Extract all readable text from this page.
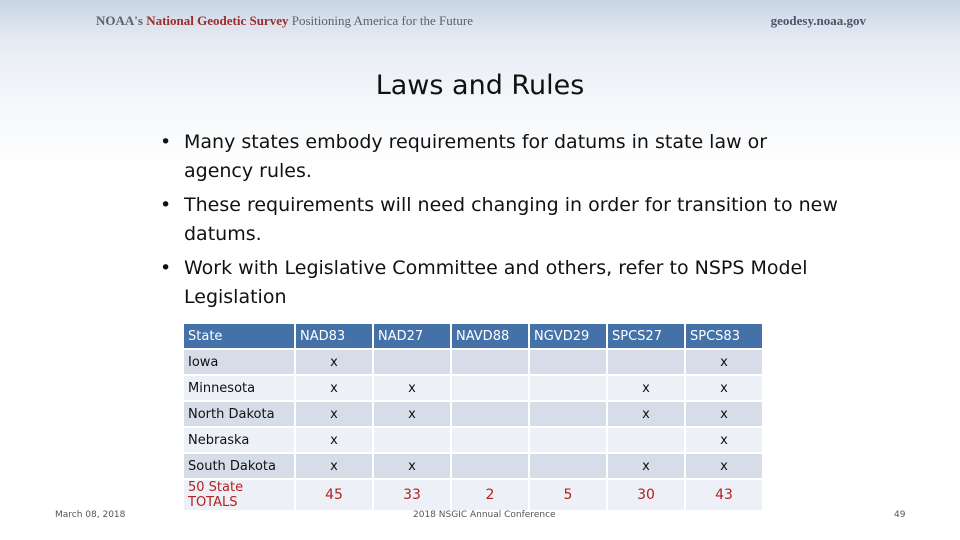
NOAA's National Geodetic Survey Positioning America for the Future	geodesy.noaa.gov
Laws and Rules
• Many states embody requirements for datums in state law or agency rules.
• These requirements will need changing in order for transition to new datums.
• Work with Legislative Committee and others, refer to NSPS Model Legislation
State	NAD83	NAD27	NAVD88	NGVD29	SPCS27	SPCS83
Iowa	x					x
Minnesota	x	x			x	x
North Dakota	x	x			x	x
Nebraska	x					x
South Dakota	x	x			x	x
50 State TOTALS	45	33	2	5	30	43
March 08, 2018	2018 NSGIC Annual Conference	49
